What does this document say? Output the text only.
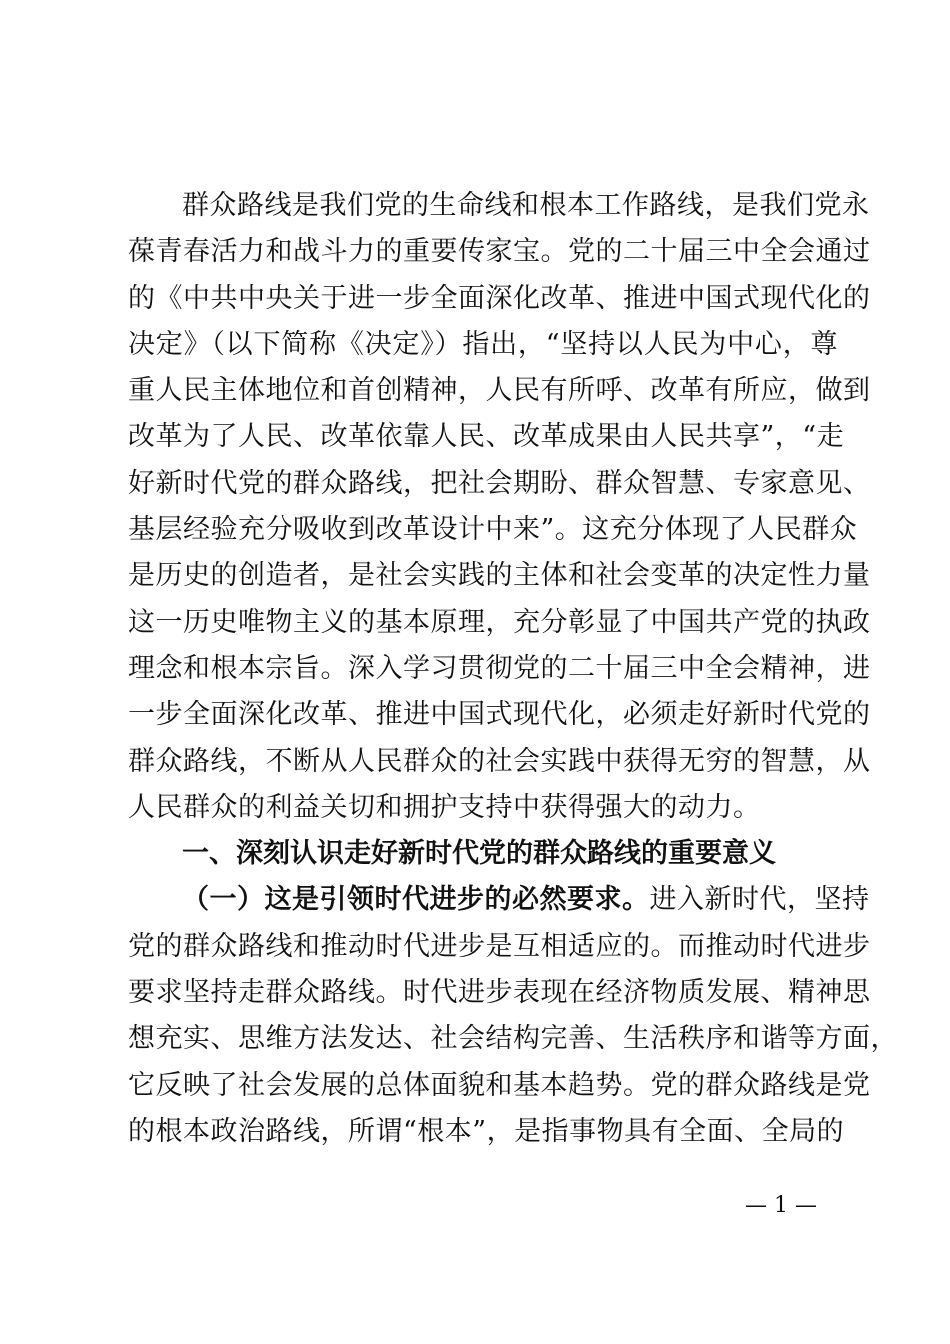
群众路线是我们党的生命线和根本工作路线，是我们党永
葆青春活力和战斗力的重要传家宝。党的二十届三中全会通过
的《中共中央关于进一步全面深化改革、推进中国式现代化的
决定》（以下简称《决定》）指出，“坚持以人民为中心，尊
重人民主体地位和首创精神，人民有所呼、改革有所应，做到
改革为了人民、改革依靠人民、改革成果由人民共享”，“走
好新时代党的群众路线，把社会期盼、群众智慧、专家意见、
基层经验充分吸收到改革设计中来”。这充分体现了人民群众
是历史的创造者，是社会实践的主体和社会变革的决定性力量
这一历史唯物主义的基本原理，充分彰显了中国共产党的执政
理念和根本宗旨。深入学习贯彻党的二十届三中全会精神，进
一步全面深化改革、推进中国式现代化，必须走好新时代党的
群众路线，不断从人民群众的社会实践中获得无穷的智慧，从
人民群众的利益关切和拥护支持中获得强大的动力。
一、深刻认识走好新时代党的群众路线的重要意义
（一）这是引领时代进步的必然要求。进入新时代，坚持
党的群众路线和推动时代进步是互相适应的。而推动时代进步
要求坚持走群众路线。时代进步表现在经济物质发展、精神思
想充实、思维方法发达、社会结构完善、生活秩序和谐等方面，
它反映了社会发展的总体面貌和基本趋势。党的群众路线是党
的根本政治路线，所谓“根本”，是指事物具有全面、全局的
— 1 —
